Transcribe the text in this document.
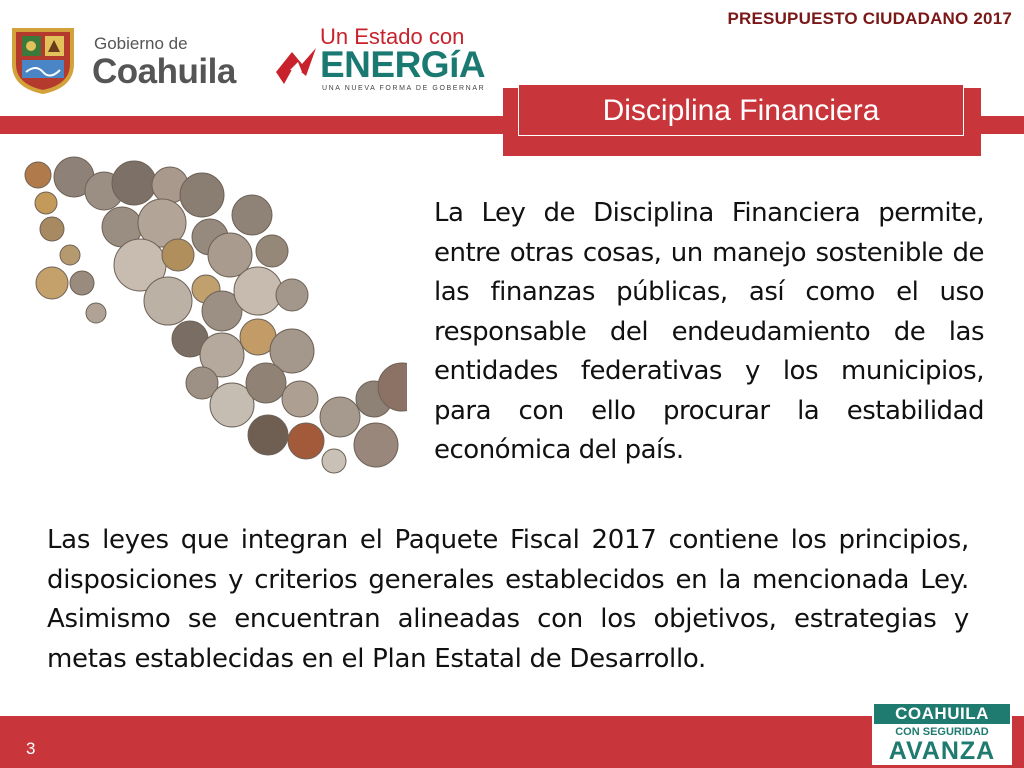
PRESUPUESTO CIUDADANO 2017
Gobierno de
Coahuila
Un Estado con
ENERGíA
UNA NUEVA FORMA DE GOBERNAR
Disciplina Financiera
La Ley de Disciplina Financiera permite, entre otras cosas, un manejo sostenible de las finanzas públicas, así como el uso responsable del endeudamiento de las entidades federativas y los municipios, para con ello procurar la estabilidad económica del país.
Las leyes que integran el Paquete Fiscal 2017 contiene los principios, disposiciones y criterios generales establecidos en la mencionada Ley. Asimismo se encuentran alineadas con los objetivos, estrategias y metas establecidas en el Plan Estatal de Desarrollo.
3
COAHUILA
CON SEGURIDAD
AVANZA
